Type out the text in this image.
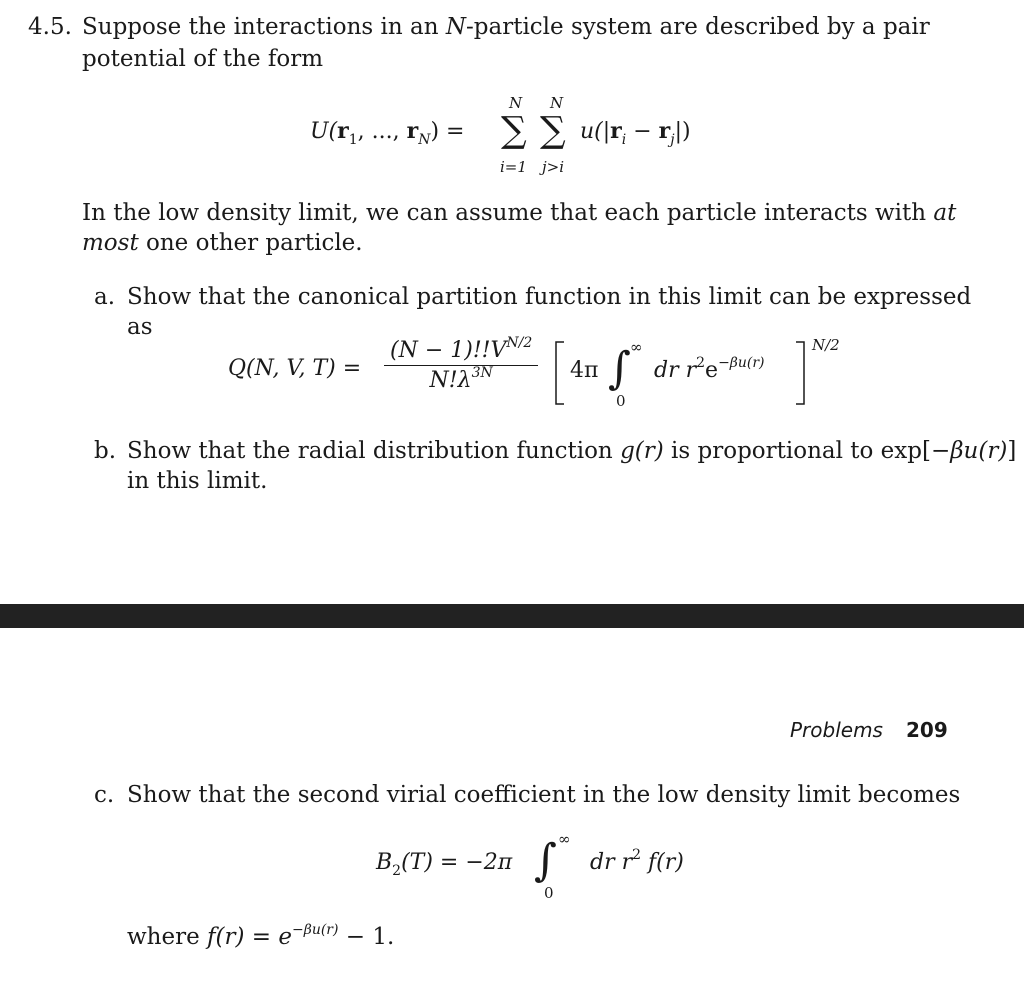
4.5. Suppose the interactions in an N-particle system are described by a pair
potential of the form
$U(r_1$, ..., $r_N$) =
N
∑
i=1
N
∑
j>i
$u(|r_i - r_j|)$
In the low density limit, we can assume that each particle interacts with at
most one other particle.
a. Show that the canonical partition function in this limit can be expressed
as
Q(N, V, $T) = \frac{(N - 1)!!V^{N/2}}{N!\lambda^{3N}} 4\pi$ ∫ ∞
0
dr $r^2e^{-\beta u(r)}$
N/2
b. Show that the radial distribution function g(r) is proportional to exp[−βu(r)]
in this limit.
Problems 209
c. Show that the second virial coefficient in the low density limit becomes
$B_2(T) = -2\pi$ ∫ ∞
0
dr $r^2$ f(r)
where $f(r) = e^{-\beta u(r)} - 1$.
